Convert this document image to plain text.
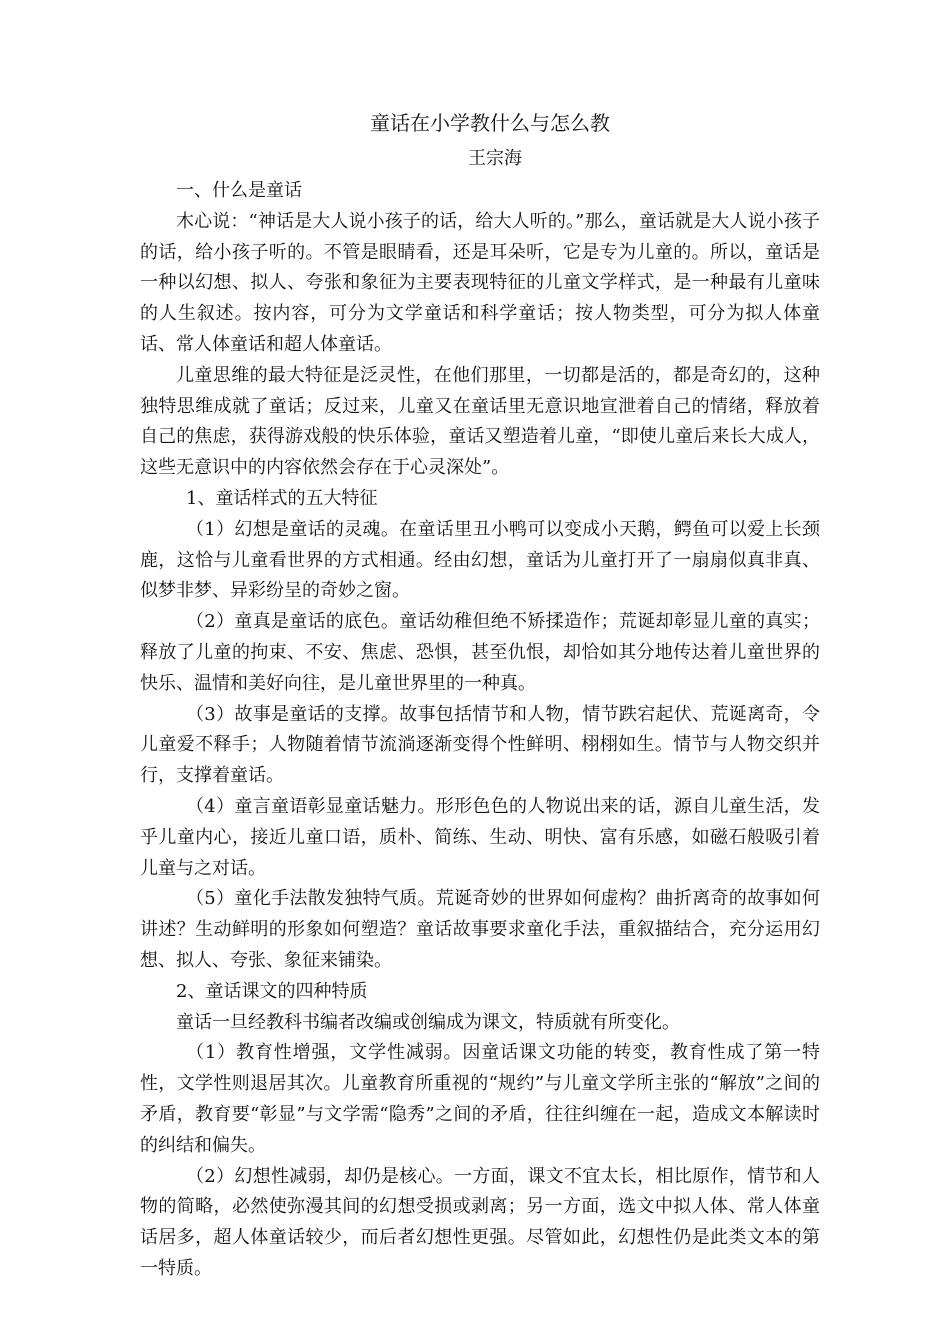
童话在小学教什么与怎么教
王宗海
一、什么是童话

木心说：“神话是大人说小孩子的话，给大人听的。”那么，童话就是大人说小孩子的话，给小孩子听的。不管是眼睛看，还是耳朵听，它是专为儿童的。所以，童话是一种以幻想、拟人、夸张和象征为主要表现特征的儿童文学样式，是一种最有儿童味的人生叙述。按内容，可分为文学童话和科学童话；按人物类型，可分为拟人体童话、常人体童话和超人体童话。

儿童思维的最大特征是泛灵性，在他们那里，一切都是活的，都是奇幻的，这种独特思维成就了童话；反过来，儿童又在童话里无意识地宣泄着自己的情绪，释放着自己的焦虑，获得游戏般的快乐体验，童话又塑造着儿童，“即使儿童后来长大成人，这些无意识中的内容依然会存在于心灵深处”。

1、童话样式的五大特征

（1）幻想是童话的灵魂。在童话里丑小鸭可以变成小天鹅，鳄鱼可以爱上长颈鹿，这恰与儿童看世界的方式相通。经由幻想，童话为儿童打开了一扇扇似真非真、似梦非梦、异彩纷呈的奇妙之窗。

（2）童真是童话的底色。童话幼稚但绝不矫揉造作；荒诞却彰显儿童的真实；释放了儿童的拘束、不安、焦虑、恐惧，甚至仇恨，却恰如其分地传达着儿童世界的快乐、温情和美好向往，是儿童世界里的一种真。

（3）故事是童话的支撑。故事包括情节和人物，情节跌宕起伏、荒诞离奇，令儿童爱不释手；人物随着情节流淌逐渐变得个性鲜明、栩栩如生。情节与人物交织并行，支撑着童话。

（4）童言童语彰显童话魅力。形形色色的人物说出来的话，源自儿童生活，发乎儿童内心，接近儿童口语，质朴、简练、生动、明快、富有乐感，如磁石般吸引着儿童与之对话。

（5）童化手法散发独特气质。荒诞奇妙的世界如何虚构？曲折离奇的故事如何讲述？生动鲜明的形象如何塑造？童话故事要求童化手法，重叙描结合，充分运用幻想、拟人、夸张、象征来铺染。

2、童话课文的四种特质

童话一旦经教科书编者改编或创编成为课文，特质就有所变化。

（1）教育性增强，文学性减弱。因童话课文功能的转变，教育性成了第一特性，文学性则退居其次。儿童教育所重视的“规约”与儿童文学所主张的“解放”之间的矛盾，教育要“彰显”与文学需“隐秀”之间的矛盾，往往纠缠在一起，造成文本解读时的纠结和偏失。

（2）幻想性减弱，却仍是核心。一方面，课文不宜太长，相比原作，情节和人物的简略，必然使弥漫其间的幻想受损或剥离；另一方面，选文中拟人体、常人体童话居多，超人体童话较少，而后者幻想性更强。尽管如此，幻想性仍是此类文本的第一特质。
